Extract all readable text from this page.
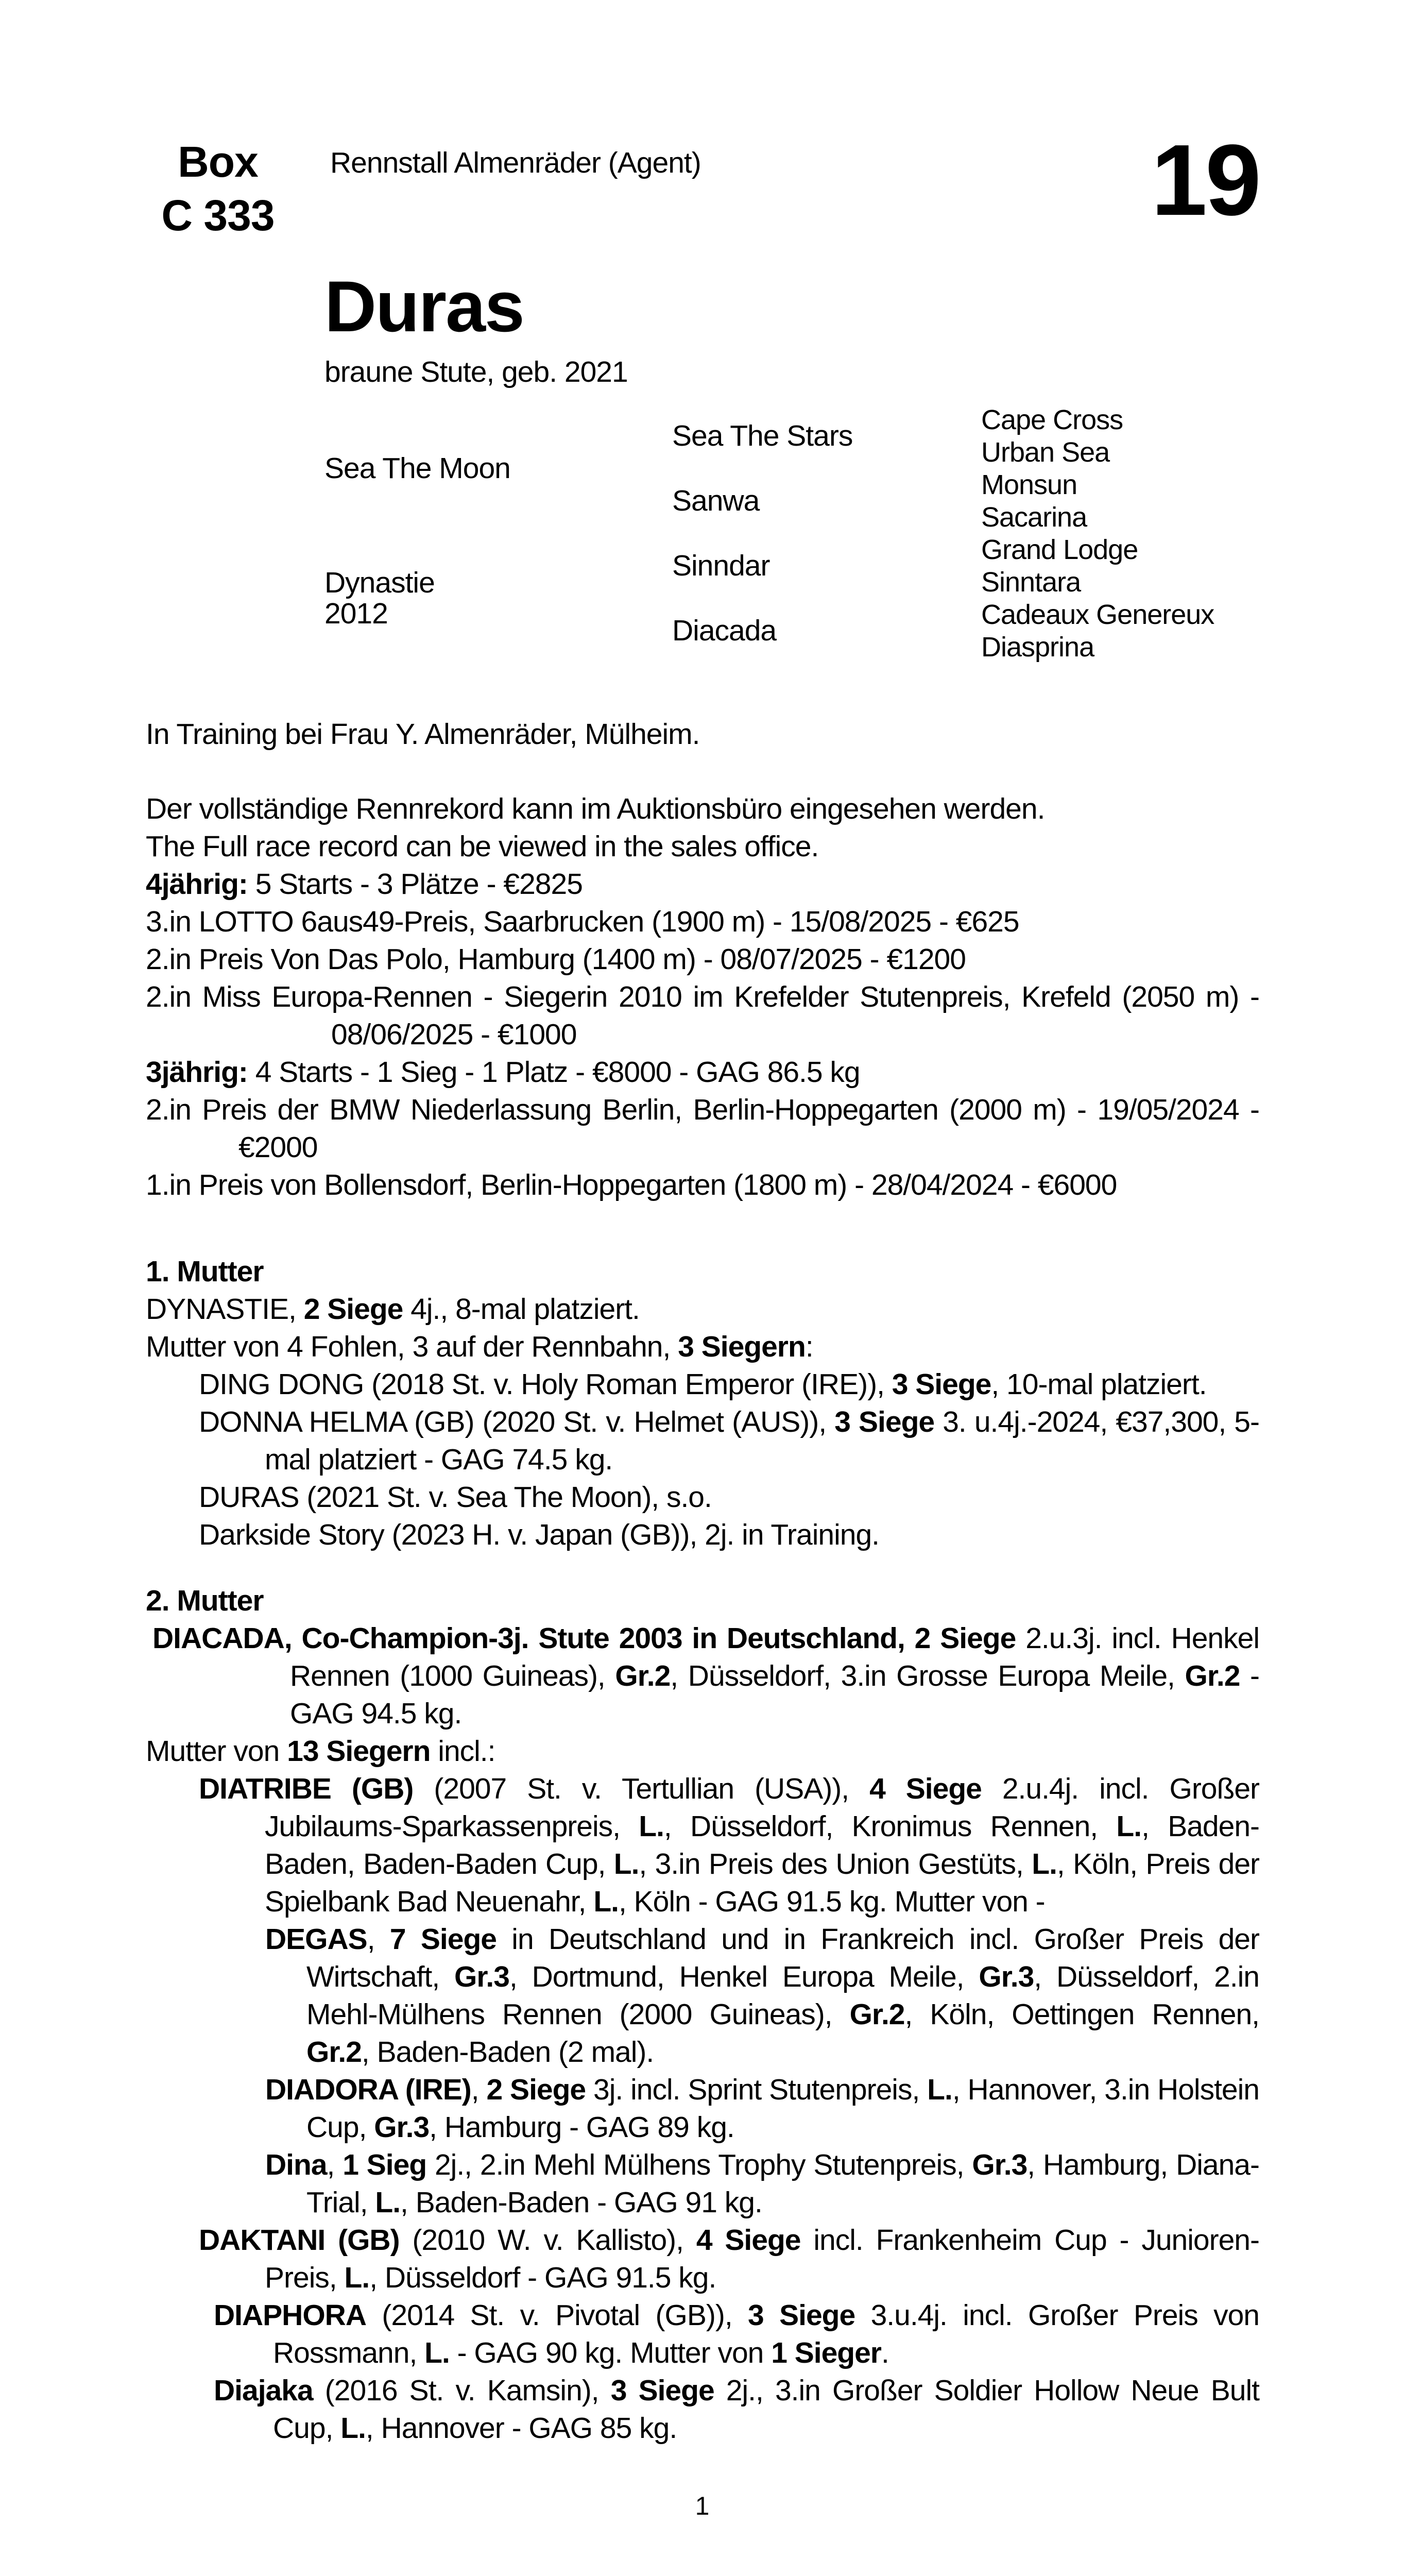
Box
C 333
Rennstall Almenräder (Agent)	19
Duras
braune Stute, geb. 2021
Sea The Moon
Dynastie
2012
Sea The Stars
Sanwa
Sinndar
Diacada
Cape Cross
Urban Sea
Monsun
Sacarina
Grand Lodge
Sinntara
Cadeaux Genereux
Diasprina
In Training bei Frau Y. Almenräder, Mülheim.

Der vollständige Rennrekord kann im Auktionsbüro eingesehen werden.

The Full race record can be viewed in the sales office.

4jährig: 5 Starts - 3 Plätze - €2825

3.in LOTTO 6aus49-Preis, Saarbrucken (1900 m) - 15/08/2025 - €625

2.in Preis Von Das Polo, Hamburg (1400 m) - 08/07/2025 - €1200

2.in Miss Europa-Rennen - Siegerin 2010 im Krefelder Stutenpreis, Krefeld (2050 m) - 08/06/2025 - €1000

3jährig: 4 Starts - 1 Sieg - 1 Platz - €8000 - GAG 86.5 kg

2.in Preis der BMW Niederlassung Berlin, Berlin-Hoppegarten (2000 m) - 19/05/2024 - €2000

1.in Preis von Bollensdorf, Berlin-Hoppegarten (1800 m) - 28/04/2024 - €6000

1. Mutter

DYNASTIE, 2 Siege 4j., 8-mal platziert.

Mutter von 4 Fohlen, 3 auf der Rennbahn, 3 Siegern:

DING DONG (2018 St. v. Holy Roman Emperor (IRE)), 3 Siege, 10-mal platziert.

DONNA HELMA (GB) (2020 St. v. Helmet (AUS)), 3 Siege 3. u.4j.-2024, €37,300, 5-mal platziert - GAG 74.5 kg.

DURAS (2021 St. v. Sea The Moon), s.o.

Darkside Story (2023 H. v. Japan (GB)), 2j. in Training.

2. Mutter

DIACADA, Co-Champion-3j. Stute 2003 in Deutschland, 2 Siege 2.u.3j. incl. Henkel Rennen (1000 Guineas), Gr.2, Düsseldorf, 3.in Grosse Europa Meile, Gr.2 - GAG 94.5 kg.

Mutter von 13 Siegern incl.:

DIATRIBE (GB) (2007 St. v. Tertullian (USA)), 4 Siege 2.u.4j. incl. Großer Jubilaums-Sparkassenpreis, L., Düsseldorf, Kronimus Rennen, L., Baden-Baden, Baden-Baden Cup, L., 3.in Preis des Union Gestüts, L., Köln, Preis der Spielbank Bad Neuenahr, L., Köln - GAG 91.5 kg. Mutter von -

DEGAS, 7 Siege in Deutschland und in Frankreich incl. Großer Preis der Wirtschaft, Gr.3, Dortmund, Henkel Europa Meile, Gr.3, Düsseldorf, 2.in Mehl-Mülhens Rennen (2000 Guineas), Gr.2, Köln, Oettingen Rennen, Gr.2, Baden-Baden (2 mal).

DIADORA (IRE), 2 Siege 3j. incl. Sprint Stutenpreis, L., Hannover, 3.in Holstein Cup, Gr.3, Hamburg - GAG 89 kg.

Dina, 1 Sieg 2j., 2.in Mehl Mülhens Trophy Stutenpreis, Gr.3, Hamburg, Diana-Trial, L., Baden-Baden - GAG 91 kg.

DAKTANI (GB) (2010 W. v. Kallisto), 4 Siege incl. Frankenheim Cup - Junioren-Preis, L., Düsseldorf - GAG 91.5 kg.

DIAPHORA (2014 St. v. Pivotal (GB)), 3 Siege 3.u.4j. incl. Großer Preis von Rossmann, L. - GAG 90 kg. Mutter von 1 Sieger.

Diajaka (2016 St. v. Kamsin), 3 Siege 2j., 3.in Großer Soldier Hollow Neue Bult Cup, L., Hannover - GAG 85 kg.

1
